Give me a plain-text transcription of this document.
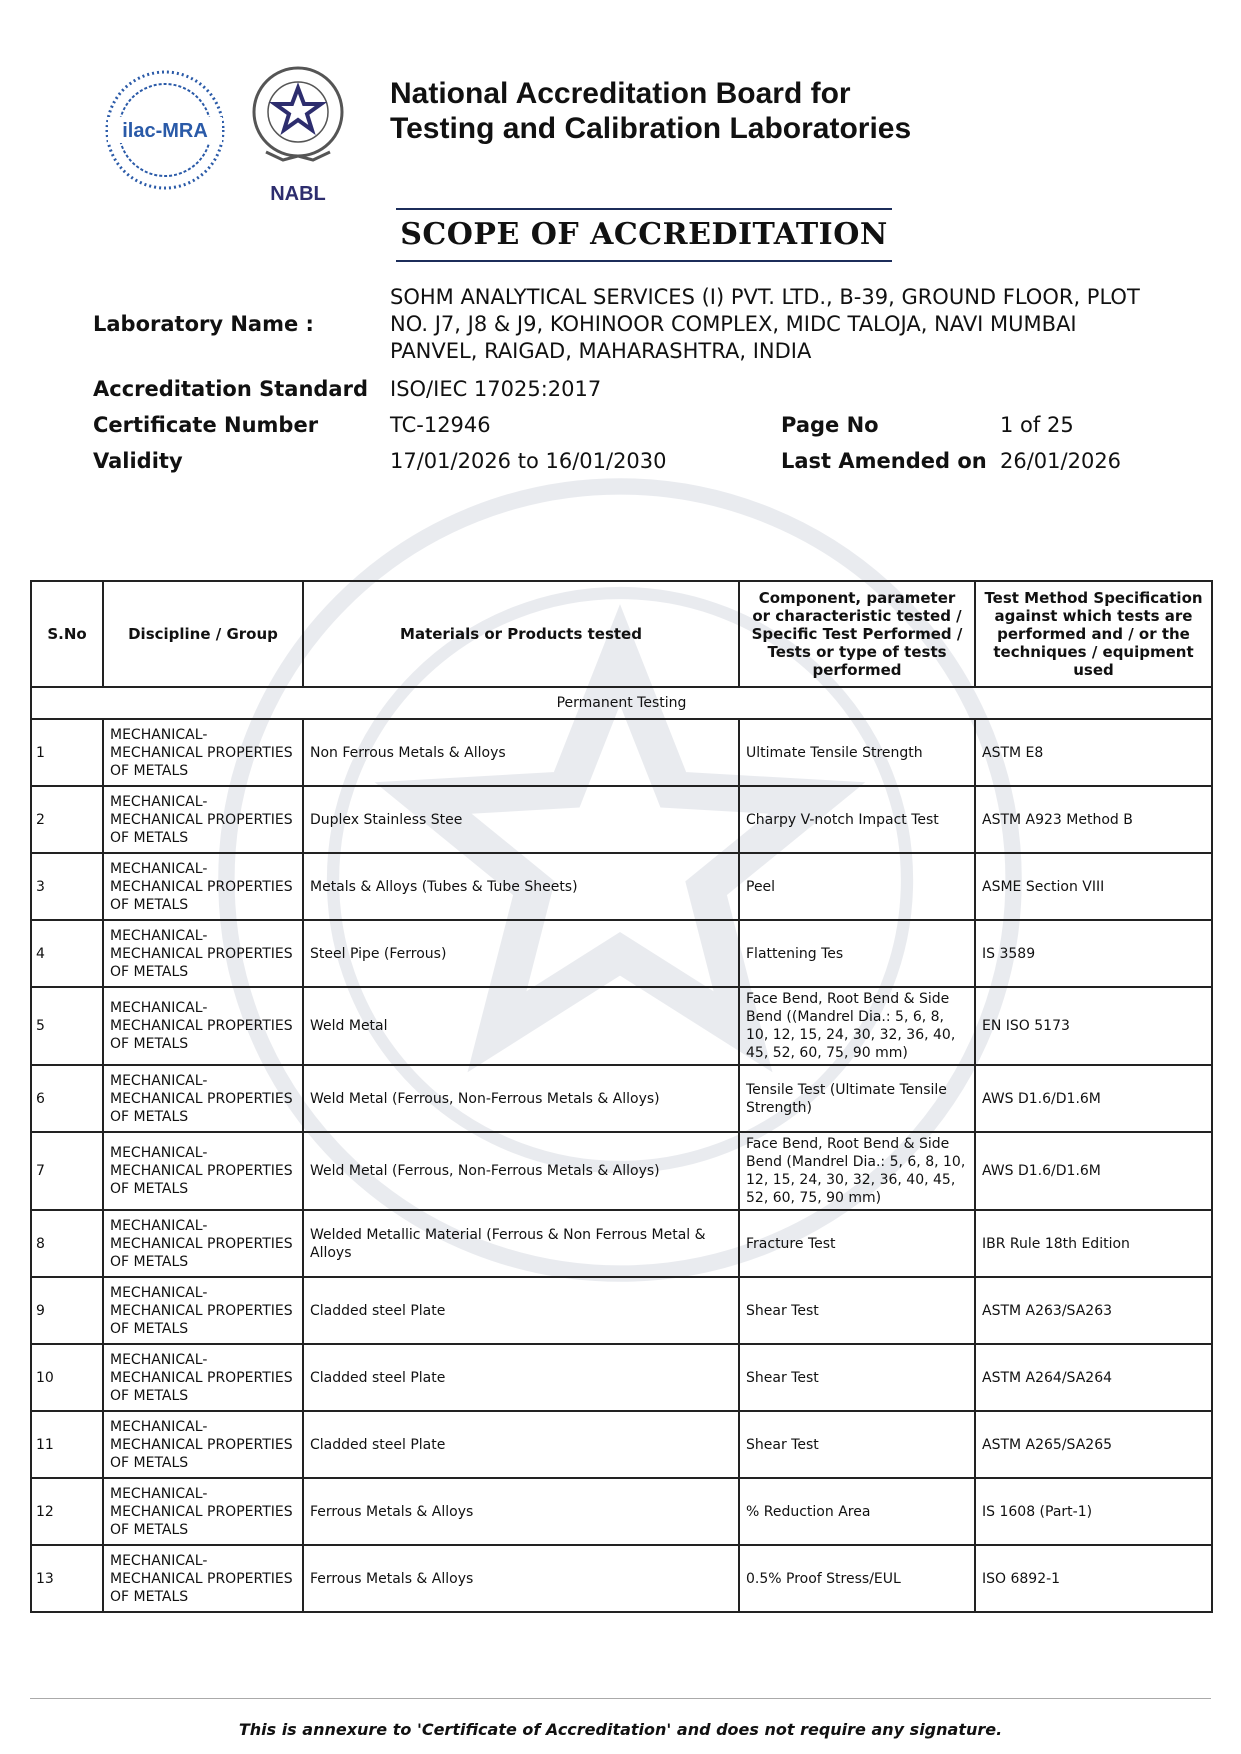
ilac-MRA
NABL
National Accreditation Board for
Testing and Calibration Laboratories
SCOPE OF ACCREDITATION
Laboratory Name :
SOHM ANALYTICAL SERVICES (I) PVT. LTD., B-39, GROUND FLOOR, PLOT
NO. J7, J8 & J9, KOHINOOR COMPLEX, MIDC TALOJA, NAVI MUMBAI
PANVEL, RAIGAD, MAHARASHTRA, INDIA
Accreditation Standard ISO/IEC 17025:2017
Certificate Number	TC-12946	Page No	1 of 25
Validity	17/01/2026 to 16/01/2030	Last Amended on 26/01/2026
S.No	Discipline / Group	Materials or Products tested	Component, parameter or characteristic tested / Specific Test Performed / Tests or type of tests performed	Test Method Specification against which tests are performed and / or the techniques / equipment used
Permanent Testing				
1	MECHANICAL- MECHANICAL PROPERTIES OF METALS	Non Ferrous Metals & Alloys	Ultimate Tensile Strength	ASTM E8
2	MECHANICAL- MECHANICAL PROPERTIES OF METALS	Duplex Stainless Stee	Charpy V-notch Impact Test	ASTM A923 Method B
3	MECHANICAL- MECHANICAL PROPERTIES OF METALS	Metals & Alloys (Tubes & Tube Sheets)	Peel	ASME Section VIII
4	MECHANICAL- MECHANICAL PROPERTIES OF METALS	Steel Pipe (Ferrous)	Flattening Tes	IS 3589
5	MECHANICAL- MECHANICAL PROPERTIES OF METALS	Weld Metal	Face Bend, Root Bend & Side Bend ((Mandrel Dia.: 5, 6, 8, 10, 12, 15, 24, 30, 32, 36, 40, 45, 52, 60, 75, 90 mm)	EN ISO 5173
6	MECHANICAL- MECHANICAL PROPERTIES OF METALS	Weld Metal (Ferrous, Non-Ferrous Metals & Alloys)	Tensile Test (Ultimate Tensile Strength)	AWS D1.6/D1.6M
7	MECHANICAL- MECHANICAL PROPERTIES OF METALS	Weld Metal (Ferrous, Non-Ferrous Metals & Alloys)	Face Bend, Root Bend & Side Bend (Mandrel Dia.: 5, 6, 8, 10, 12, 15, 24, 30, 32, 36, 40, 45, 52, 60, 75, 90 mm)	AWS D1.6/D1.6M
8	MECHANICAL- MECHANICAL PROPERTIES OF METALS	Welded Metallic Material (Ferrous & Non Ferrous Metal & Alloys	Fracture Test	IBR Rule 18th Edition
9	MECHANICAL- MECHANICAL PROPERTIES OF METALS	Cladded steel Plate	Shear Test	ASTM A263/SA263
10	MECHANICAL- MECHANICAL PROPERTIES OF METALS	Cladded steel Plate	Shear Test	ASTM A264/SA264
11	MECHANICAL- MECHANICAL PROPERTIES OF METALS	Cladded steel Plate	Shear Test	ASTM A265/SA265
12	MECHANICAL- MECHANICAL PROPERTIES OF METALS	Ferrous Metals & Alloys	% Reduction Area	IS 1608 (Part-1)
13	MECHANICAL- MECHANICAL PROPERTIES OF METALS	Ferrous Metals & Alloys	0.5% Proof Stress/EUL	ISO 6892-1
This is annexure to 'Certificate of Accreditation' and does not require any signature.
